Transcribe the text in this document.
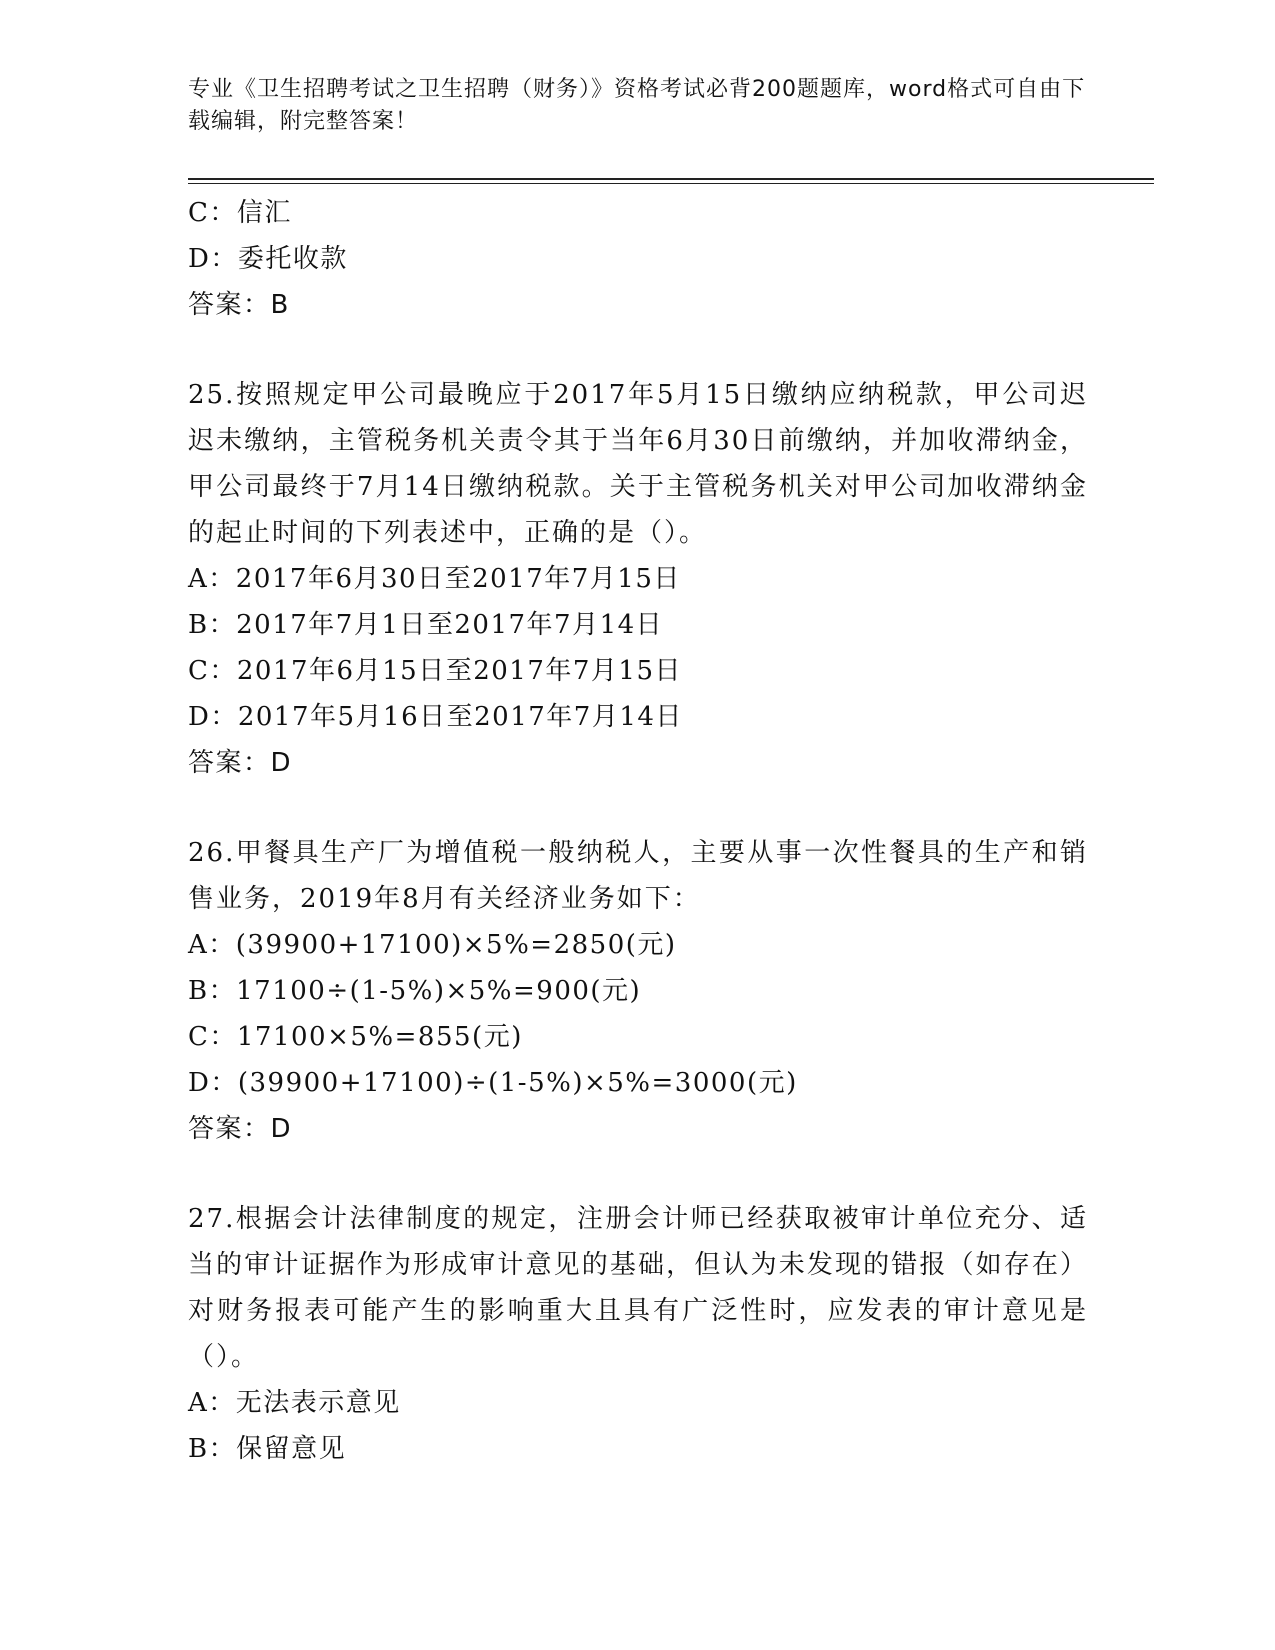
专业《卫生招聘考试之卫生招聘（财务）》资格考试必背200题题库，word格式可自由下载编辑，附完整答案！
C：信汇
D：委托收款
答案：B
25.按照规定甲公司最晚应于2017年5月15日缴纳应纳税款，甲公司迟迟未缴纳，主管税务机关责令其于当年6月30日前缴纳，并加收滞纳金，甲公司最终于7月14日缴纳税款。关于主管税务机关对甲公司加收滞纳金的起止时间的下列表述中，正确的是（）。
A：2017年6月30日至2017年7月15日
B：2017年7月1日至2017年7月14日
C：2017年6月15日至2017年7月15日
D：2017年5月16日至2017年7月14日
答案：D
26.甲餐具生产厂为增值税一般纳税人，主要从事一次性餐具的生产和销售业务，2019年8月有关经济业务如下：
A：(39900+17100)×5%=2850(元)
B：17100÷(1-5%)×5%=900(元)
C：17100×5%=855(元)
D：(39900+17100)÷(1-5%)×5%=3000(元)
答案：D
27.根据会计法律制度的规定，注册会计师已经获取被审计单位充分、适当的审计证据作为形成审计意见的基础，但认为未发现的错报（如存在）对财务报表可能产生的影响重大且具有广泛性时，应发表的审计意见是（）。
A：无法表示意见
B：保留意见
